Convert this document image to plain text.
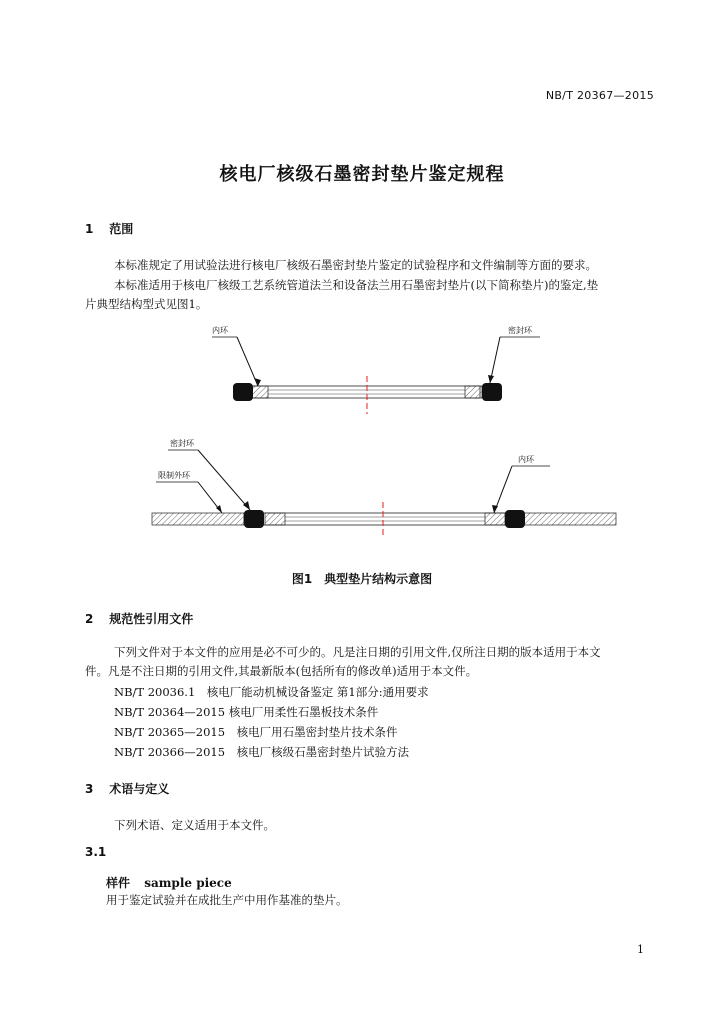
NB/T 20367—2015
核电厂核级石墨密封垫片鉴定规程
1 范围
本标准规定了用试验法进行核电厂核级石墨密封垫片鉴定的试验程序和文件编制等方面的要求。
本标准适用于核电厂核级工艺系统管道法兰和设备法兰用石墨密封垫片(以下简称垫片)的鉴定,垫
片典型结构型式见图1。
内环	密封环
密封环
限制外环
内环
图1　典型垫片结构示意图
2 规范性引用文件
下列文件对于本文件的应用是必不可少的。凡是注日期的引用文件,仅所注日期的版本适用于本文
件。凡是不注日期的引用文件,其最新版本(包括所有的修改单)适用于本文件。
NB/T 20036.1　核电厂能动机械设备鉴定 第1部分:通用要求
NB/T 20364—2015 核电厂用柔性石墨板技术条件
NB/T 20365—2015　核电厂用石墨密封垫片技术条件
NB/T 20366—2015　核电厂核级石墨密封垫片试验方法
3 术语与定义
下列术语、定义适用于本文件。
3.1
样件 sample piece
用于鉴定试验并在成批生产中用作基准的垫片。
1
